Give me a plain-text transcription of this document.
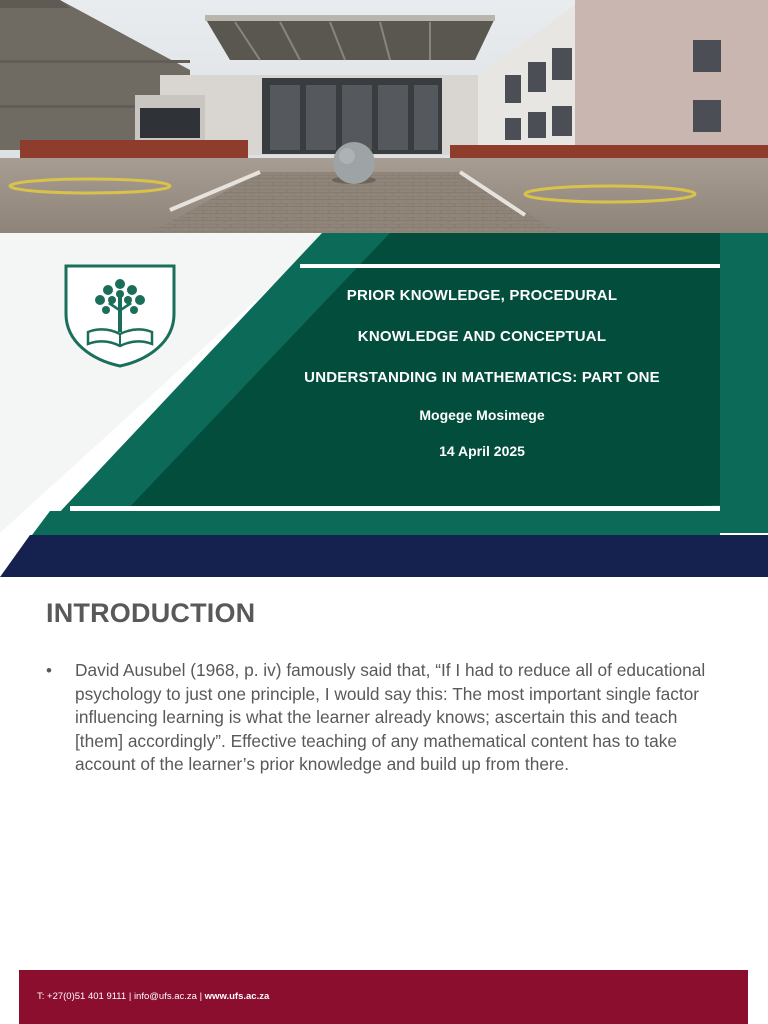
PRIOR KNOWLEDGE, PROCEDURAL
KNOWLEDGE AND CONCEPTUAL
UNDERSTANDING IN MATHEMATICS: PART ONE
Mogege Mosimege
14 April 2025
INTRODUCTION
• David Ausubel (1968, p. iv) famously said that, “If I had to reduce all of educational psychology to just one principle, I would say this: The most important single factor influencing learning is what the learner already knows; ascertain this and teach [them] accordingly”. Effective teaching of any mathematical content has to take account of the learner’s prior knowledge and build up from there.

T: +27(0)51 401 9111 | info@ufs.ac.za | www.ufs.ac.za
